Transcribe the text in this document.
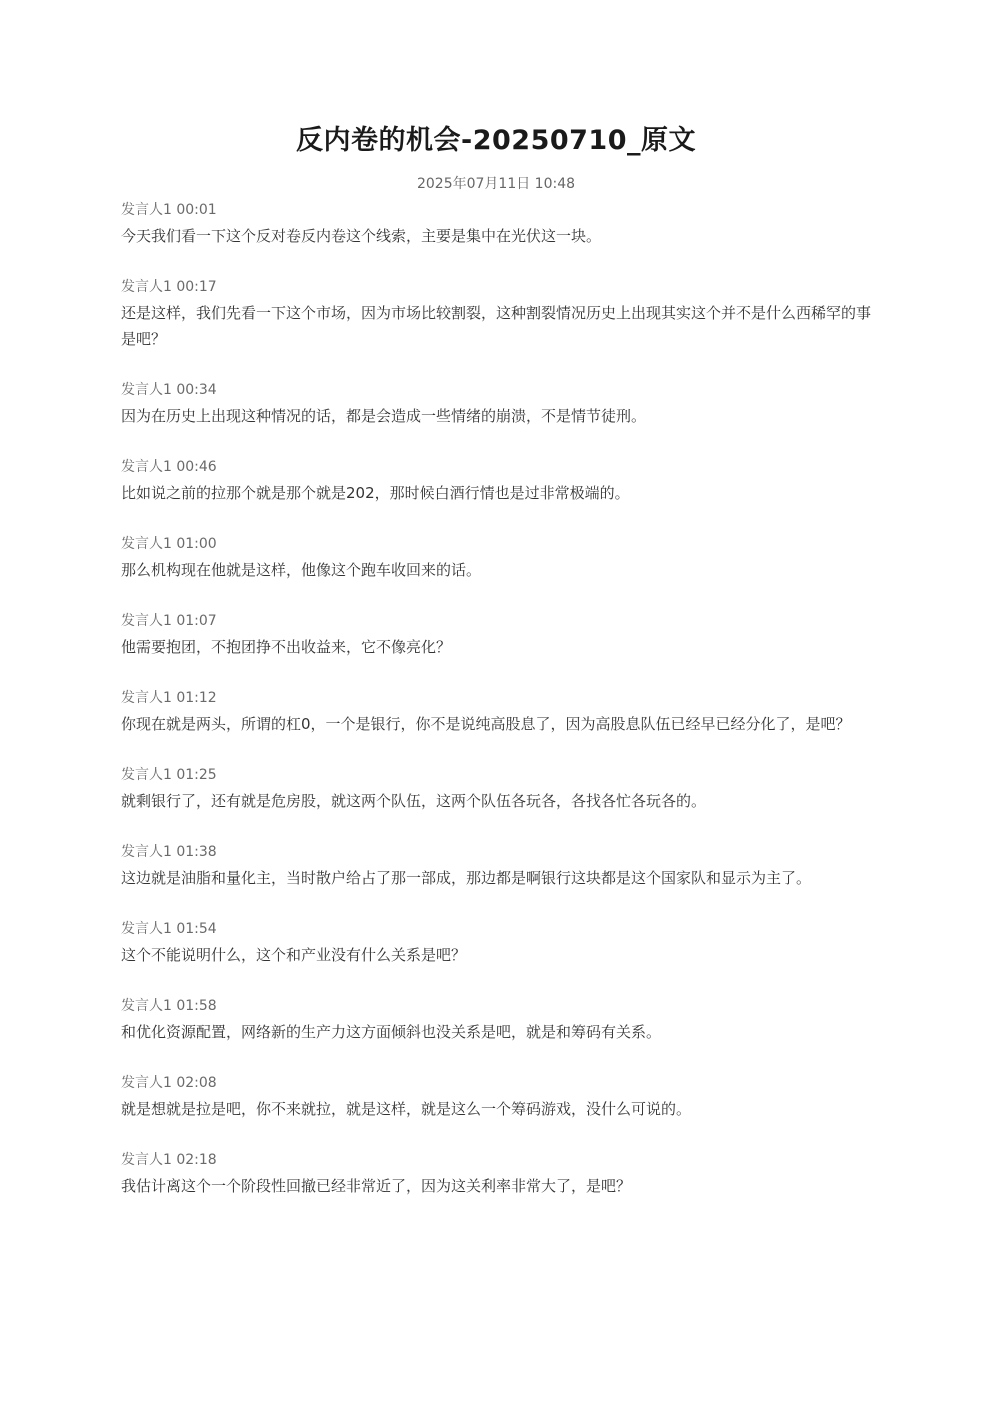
反内卷的机会-20250710_原文
2025年07月11日 10:48
发言人1 00:01
今天我们看一下这个反对卷反内卷这个线索，主要是集中在光伏这一块。
发言人1 00:17
还是这样，我们先看一下这个市场，因为市场比较割裂，这种割裂情况历史上出现其实这个并不是什么西稀罕的事是吧？
发言人1 00:34
因为在历史上出现这种情况的话，都是会造成一些情绪的崩溃，不是情节徒刑。
发言人1 00:46
比如说之前的拉那个就是那个就是202，那时候白酒行情也是过非常极端的。
发言人1 01:00
那么机构现在他就是这样，他像这个跑车收回来的话。
发言人1 01:07
他需要抱团，不抱团挣不出收益来，它不像亮化？
发言人1 01:12
你现在就是两头，所谓的杠0，一个是银行，你不是说纯高股息了，因为高股息队伍已经早已经分化了，是吧？
发言人1 01:25
就剩银行了，还有就是危房股，就这两个队伍，这两个队伍各玩各，各找各忙各玩各的。
发言人1 01:38
这边就是油脂和量化主，当时散户给占了那一部成，那边都是啊银行这块都是这个国家队和显示为主了。
发言人1 01:54
这个不能说明什么，这个和产业没有什么关系是吧？
发言人1 01:58
和优化资源配置，网络新的生产力这方面倾斜也没关系是吧，就是和筹码有关系。
发言人1 02:08
就是想就是拉是吧，你不来就拉，就是这样，就是这么一个筹码游戏，没什么可说的。
发言人1 02:18
我估计离这个一个阶段性回撤已经非常近了，因为这关利率非常大了，是吧？
